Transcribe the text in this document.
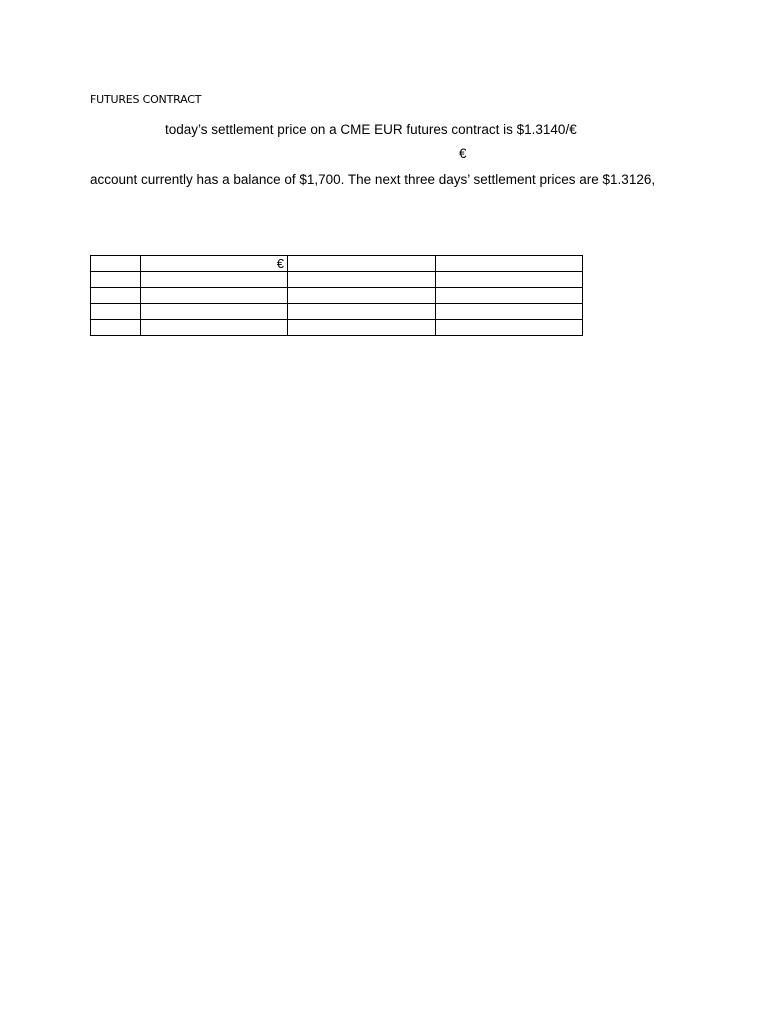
FUTURES CONTRACT
today’s settlement price on a CME EUR futures contract is $1.3140/€
€
account currently has a balance of $1,700. The next three days’ settlement prices are $1.3126,
	€		
